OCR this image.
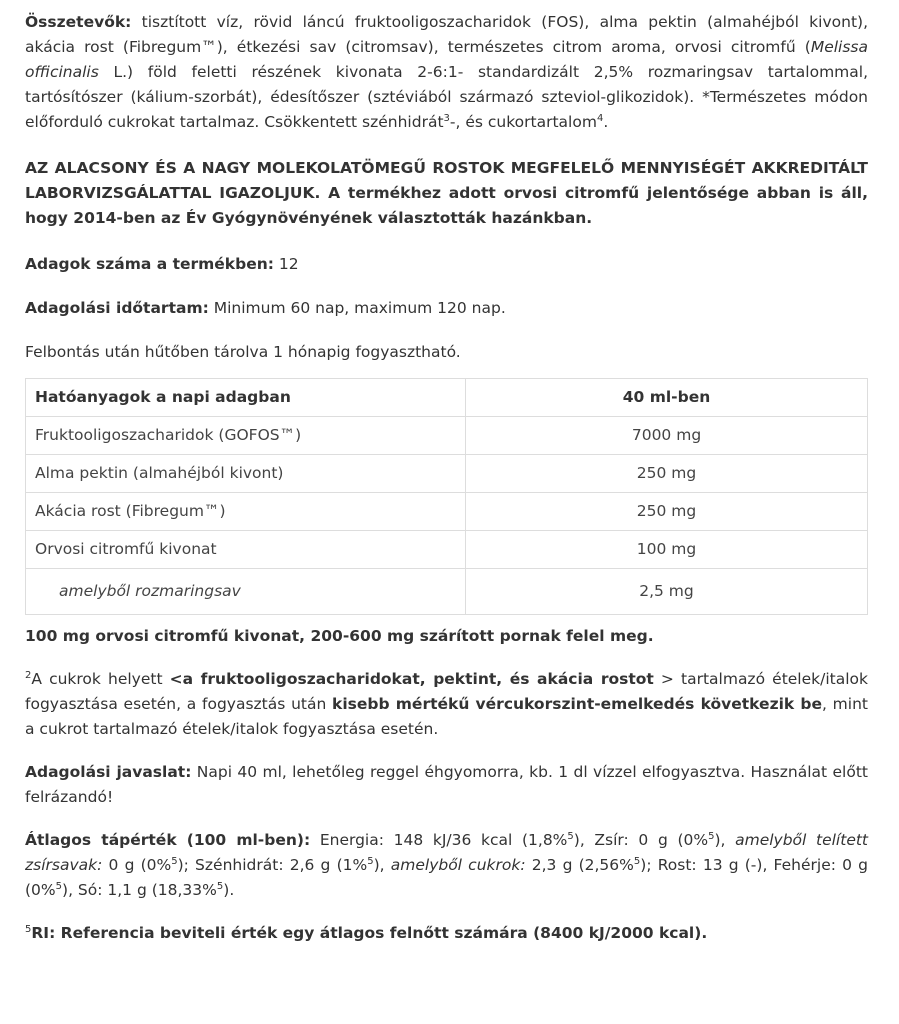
Összetevők: tisztított víz, rövid láncú fruktooligoszacharidok (FOS), alma pektin (almahéjból kivont), akácia rost (Fibregum™), étkezési sav (citromsav), természetes citrom aroma, orvosi citromfű (Melissa officinalis L.) föld feletti részének kivonata 2-6:1- standardizált 2,5% rozmaringsav tartalommal, tartósítószer (kálium-szorbát), édesítőszer (sztéviából származó szteviol-glikozidok). *Természetes módon előforduló cukrokat tartalmaz. Csökkentett szénhidrát$^3$-, és cukortartalom$^4$.

AZ ALACSONY ÉS A NAGY MOLEKOLATÖMEGŰ ROSTOK MEGFELELŐ MENNYISÉGÉT AKKREDITÁLT LABORVIZSGÁLATTAL IGAZOLJUK. A termékhez adott orvosi citromfű jelentősége abban is áll, hogy 2014-ben az Év Gyógynövényének választották hazánkban.

Adagok száma a termékben: 12

Adagolási időtartam: Minimum 60 nap, maximum 120 nap.

Felbontás után hűtőben tárolva 1 hónapig fogyasztható.

Hatóanyagok a napi adagban	40 ml-ben
Fruktooligoszacharidok (GOFOS™)	7000 mg
Alma pektin (almahéjból kivont)	250 mg
Akácia rost (Fibregum™)	250 mg
Orvosi citromfű kivonat	100 mg
amelyből rozmaringsav	2,5 mg

100 mg orvosi citromfű kivonat, 200-600 mg szárított pornak felel meg.

$^2$A cukrok helyett <a fruktooligoszacharidokat, pektint, és akácia rostot > tartalmazó ételek/italok fogyasztása esetén, a fogyasztás után kisebb mértékű vércukorszint-emelkedés következik be, mint a cukrot tartalmazó ételek/italok fogyasztása esetén.

Adagolási javaslat: Napi 40 ml, lehetőleg reggel éhgyomorra, kb. 1 dl vízzel elfogyasztva. Használat előtt felrázandó!

Átlagos tápérték (100 ml-ben): Energia: 148 kJ/36 kcal (1,8%$^5$), Zsír: 0 g (0%$^5$), amelyből telített zsírsavak: 0 g (0%$^5$); Szénhidrát: 2,6 g (1%$^5$), amelyből cukrok: 2,3 g (2,56%$^5$); Rost: 13 g (-), Fehérje: 0 g (0%$^5$), Só: 1,1 g (18,33%$^5$).

$^5$RI: Referencia beviteli érték egy átlagos felnőtt számára (8400 kJ/2000 kcal).
